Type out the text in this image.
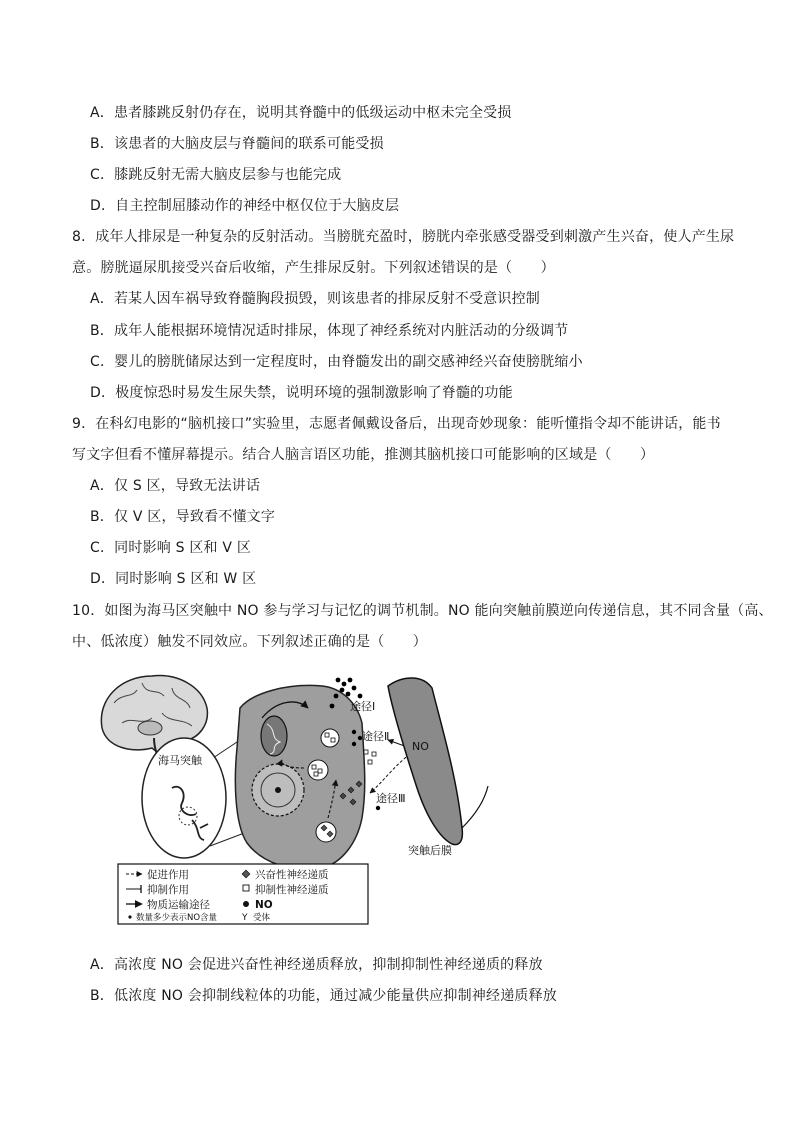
A．患者膝跳反射仍存在，说明其脊髓中的低级运动中枢未完全受损
B．该患者的大脑皮层与脊髓间的联系可能受损
C．膝跳反射无需大脑皮层参与也能完成
D．自主控制屈膝动作的神经中枢仅位于大脑皮层
8．成年人排尿是一种复杂的反射活动。当膀胱充盈时，膀胱内牵张感受器受到刺激产生兴奋，使人产生尿
意。膀胱逼尿肌接受兴奋后收缩，产生排尿反射。下列叙述错误的是（　　）
A．若某人因车祸导致脊髓胸段损毁，则该患者的排尿反射不受意识控制
B．成年人能根据环境情况适时排尿，体现了神经系统对内脏活动的分级调节
C．婴儿的膀胱储尿达到一定程度时，由脊髓发出的副交感神经兴奋使膀胱缩小
D．极度惊恐时易发生尿失禁，说明环境的强制激影响了脊髓的功能
9．在科幻电影的“脑机接口”实验里，志愿者佩戴设备后，出现奇妙现象：能听懂指令却不能讲话，能书
写文字但看不懂屏幕提示。结合人脑言语区功能，推测其脑机接口可能影响的区域是（　　）
A．仅 S 区，导致无法讲话
B．仅 V 区，导致看不懂文字
C．同时影响 S 区和 V 区
D．同时影响 S 区和 W 区
10．如图为海马区突触中 NO 参与学习与记忆的调节机制。NO 能向突触前膜逆向传递信息，其不同含量（高、
中、低浓度）触发不同效应。下列叙述正确的是（　　）
海马突触
途径Ⅰ
途径Ⅱ
途径Ⅲ
NO
突触后膜
促进作用
抑制作用
物质运输途径
数量多少表示NO含量
兴奋性神经递质
抑制性神经递质
NO
Y 受体
A．高浓度 NO 会促进兴奋性神经递质释放，抑制抑制性神经递质的释放
B．低浓度 NO 会抑制线粒体的功能，通过减少能量供应抑制神经递质释放
